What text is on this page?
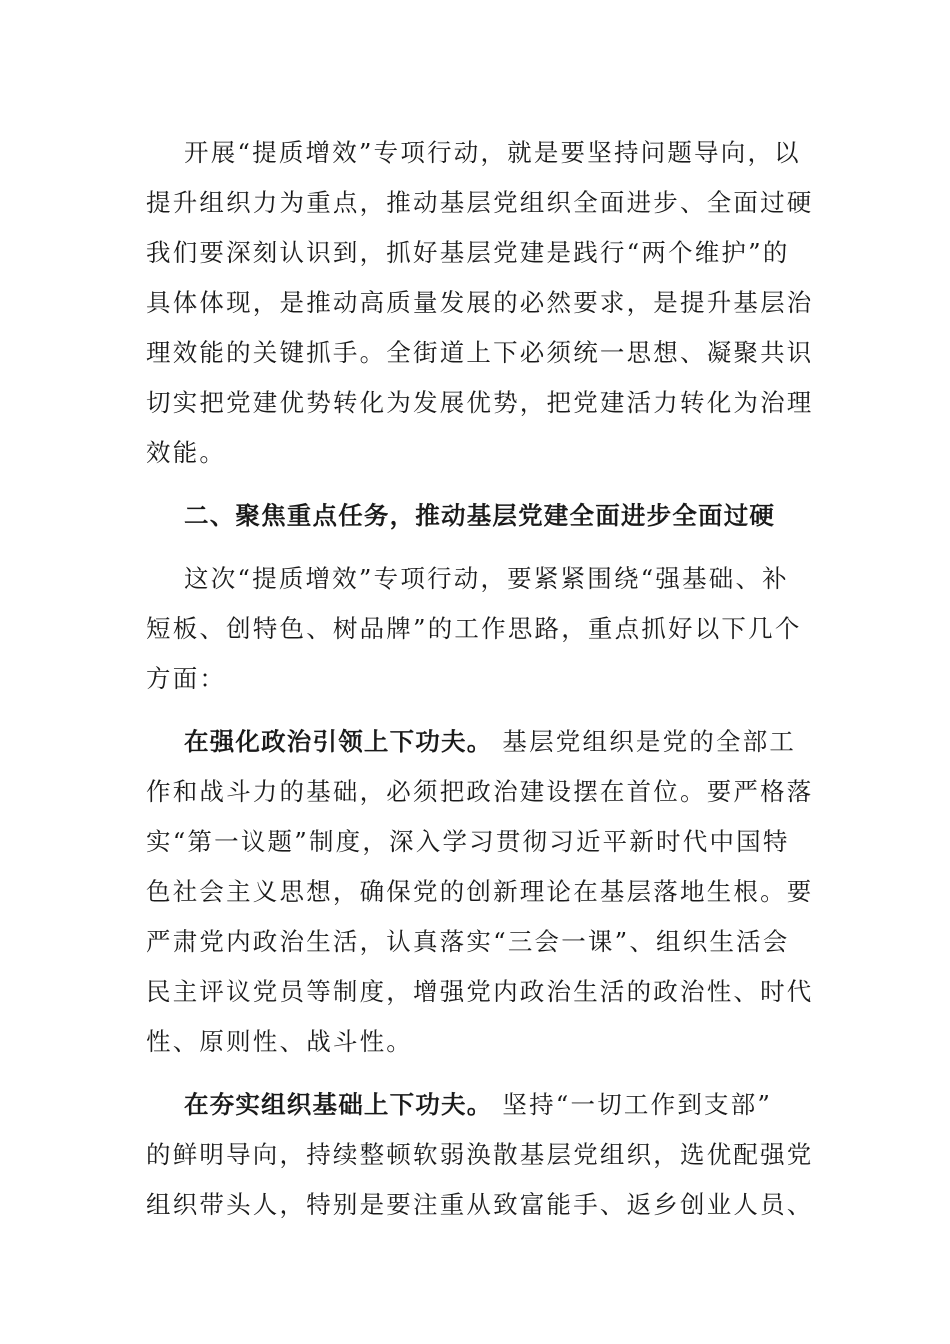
开展“提质增效”专项行动，就是要坚持问题导向，以
提升组织力为重点，推动基层党组织全面进步、全面过硬
我们要深刻认识到，抓好基层党建是践行“两个维护”的
具体体现，是推动高质量发展的必然要求，是提升基层治
理效能的关键抓手。全街道上下必须统一思想、凝聚共识
切实把党建优势转化为发展优势，把党建活力转化为治理
效能。
二、聚焦重点任务，推动基层党建全面进步全面过硬
这次“提质增效”专项行动，要紧紧围绕“强基础、补
短板、创特色、树品牌”的工作思路，重点抓好以下几个
方面：
在强化政治引领上下功夫。 基层党组织是党的全部工
作和战斗力的基础，必须把政治建设摆在首位。要严格落
实“第一议题”制度，深入学习贯彻习近平新时代中国特
色社会主义思想，确保党的创新理论在基层落地生根。要
严肃党内政治生活，认真落实“三会一课”、组织生活会
民主评议党员等制度，增强党内政治生活的政治性、时代
性、原则性、战斗性。
在夯实组织基础上下功夫。 坚持“一切工作到支部”
的鲜明导向，持续整顿软弱涣散基层党组织，选优配强党
组织带头人，特别是要注重从致富能手、返乡创业人员、
